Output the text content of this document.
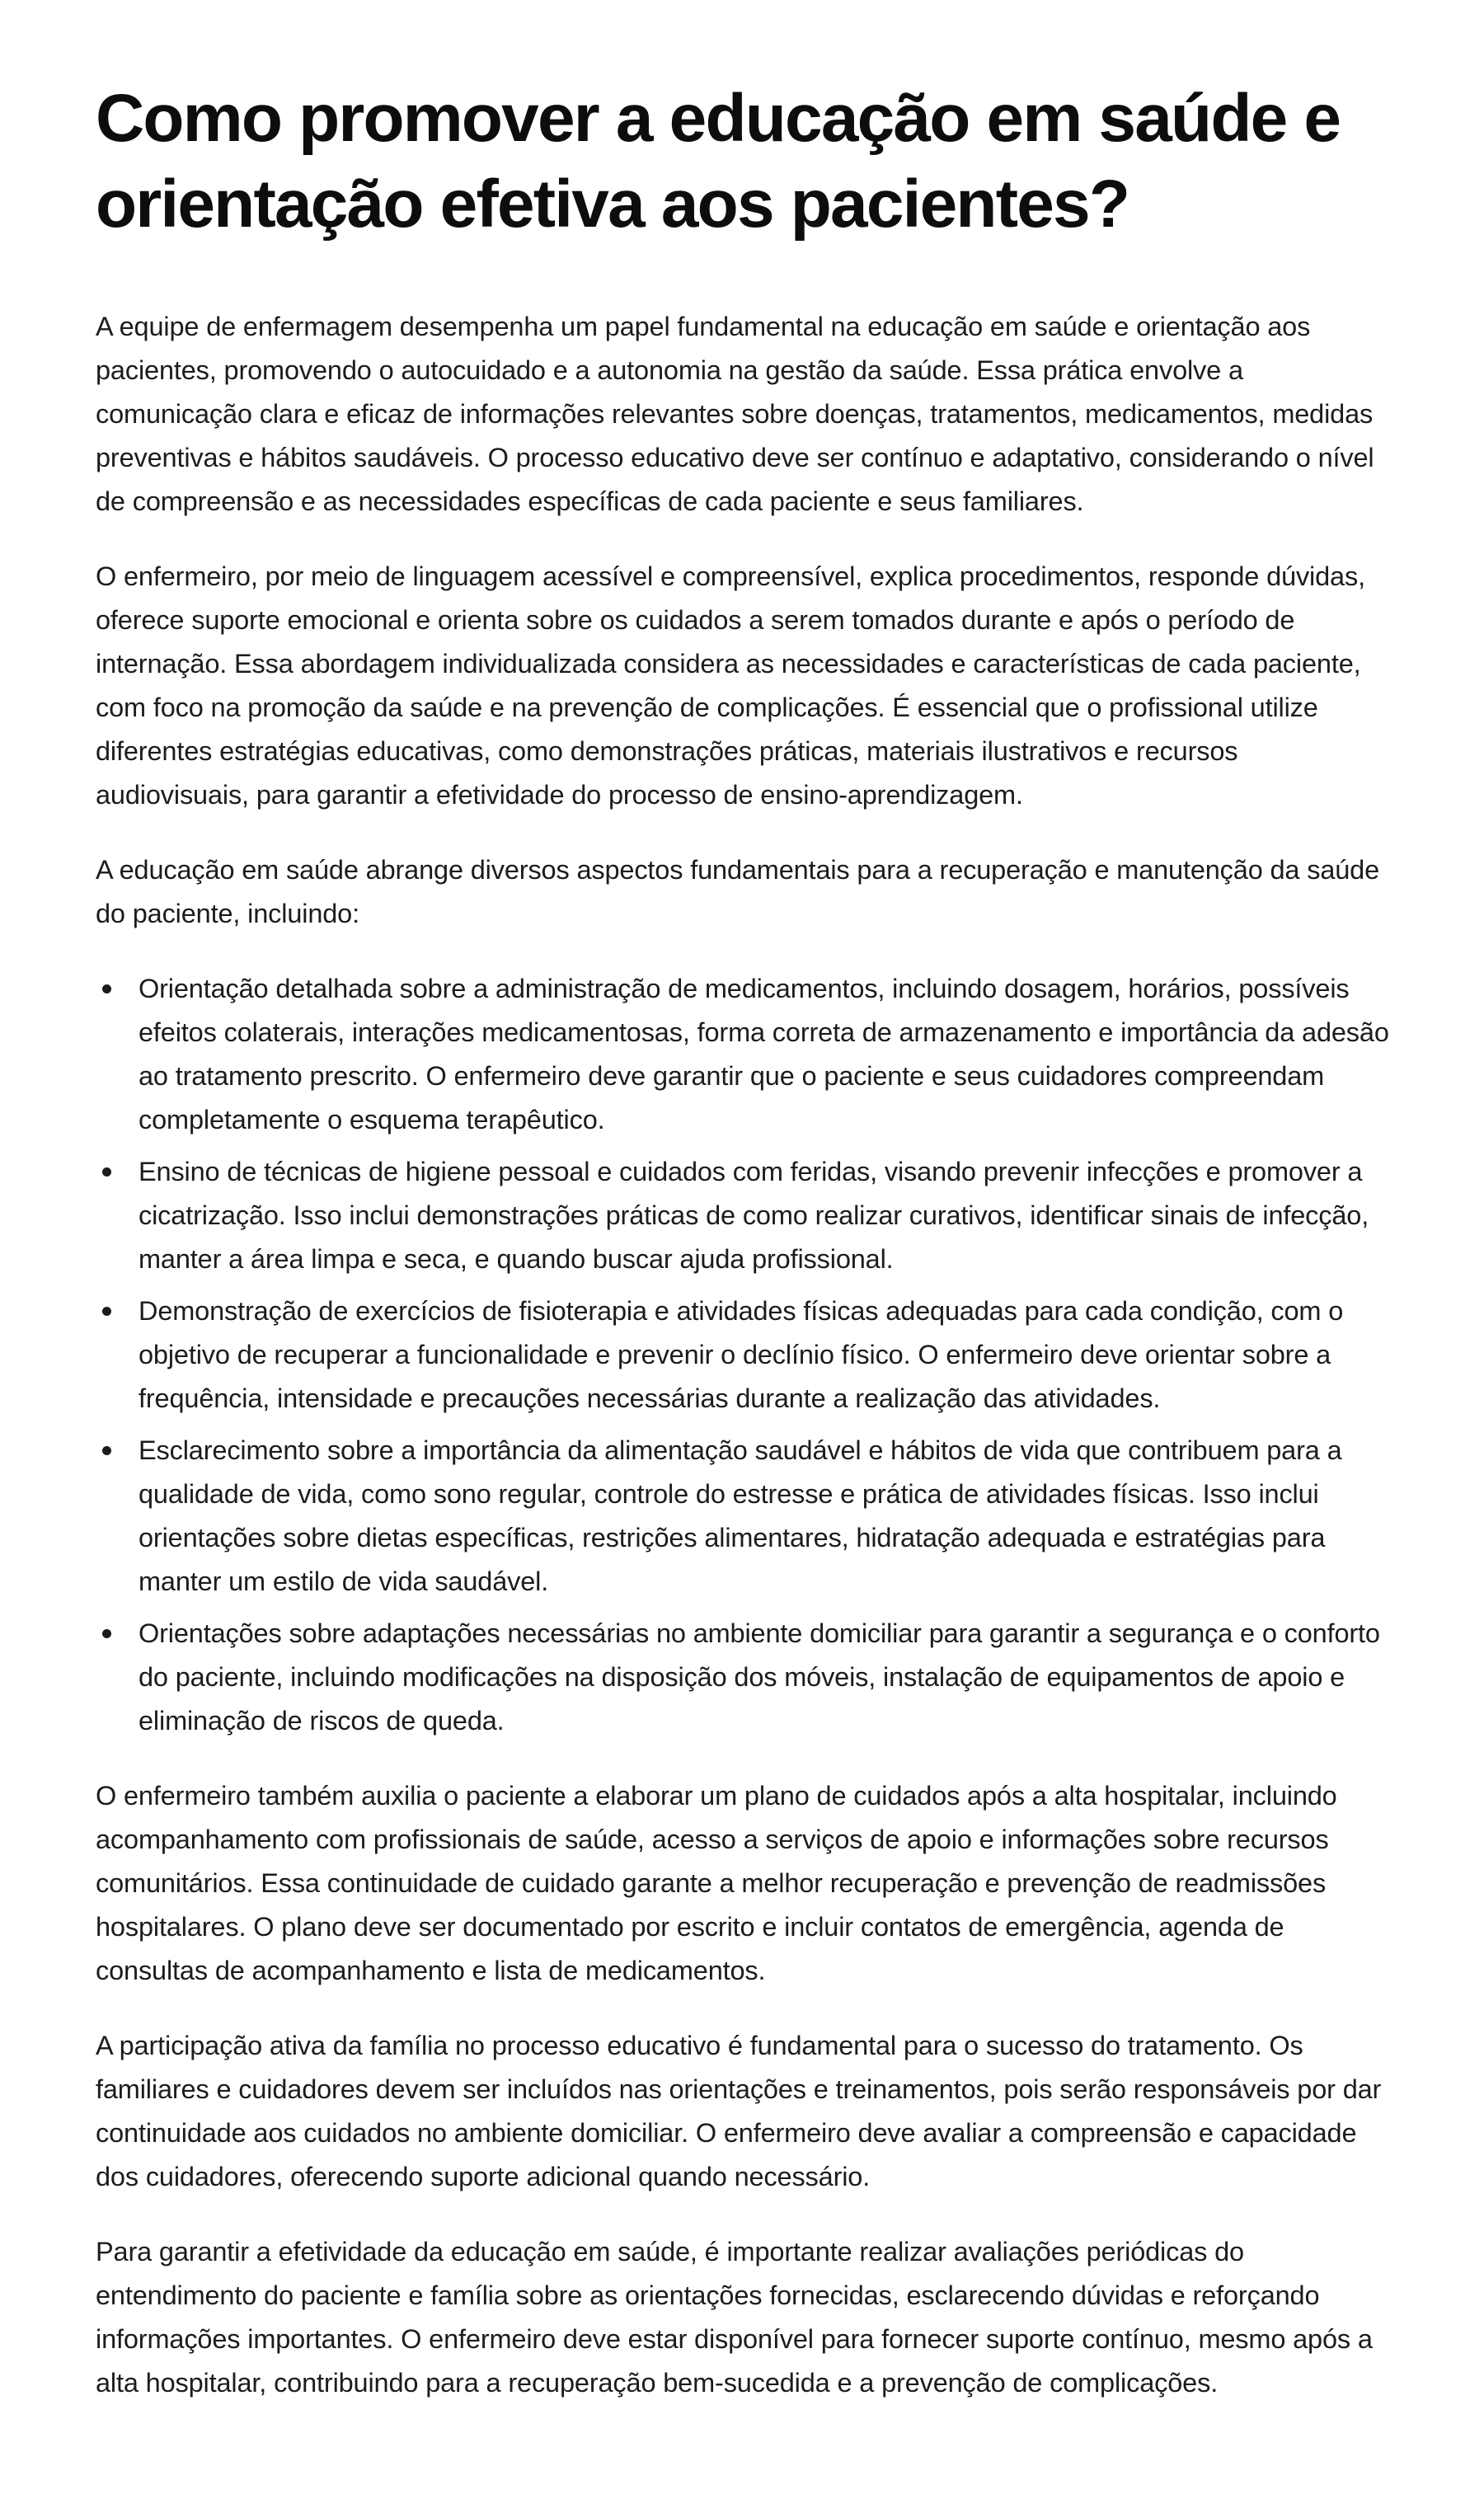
Como promover a educação em saúde e orientação efetiva aos pacientes?

A equipe de enfermagem desempenha um papel fundamental na educação em saúde e orientação aos pacientes, promovendo o autocuidado e a autonomia na gestão da saúde. Essa prática envolve a comunicação clara e eficaz de informações relevantes sobre doenças, tratamentos, medicamentos, medidas preventivas e hábitos saudáveis. O processo educativo deve ser contínuo e adaptativo, considerando o nível de compreensão e as necessidades específicas de cada paciente e seus familiares.

O enfermeiro, por meio de linguagem acessível e compreensível, explica procedimentos, responde dúvidas, oferece suporte emocional e orienta sobre os cuidados a serem tomados durante e após o período de internação. Essa abordagem individualizada considera as necessidades e características de cada paciente, com foco na promoção da saúde e na prevenção de complicações. É essencial que o profissional utilize diferentes estratégias educativas, como demonstrações práticas, materiais ilustrativos e recursos audiovisuais, para garantir a efetividade do processo de ensino-aprendizagem.

A educação em saúde abrange diversos aspectos fundamentais para a recuperação e manutenção da saúde do paciente, incluindo:

Orientação detalhada sobre a administração de medicamentos, incluindo dosagem, horários, possíveis efeitos colaterais, interações medicamentosas, forma correta de armazenamento e importância da adesão ao tratamento prescrito. O enfermeiro deve garantir que o paciente e seus cuidadores compreendam completamente o esquema terapêutico.
Ensino de técnicas de higiene pessoal e cuidados com feridas, visando prevenir infecções e promover a cicatrização. Isso inclui demonstrações práticas de como realizar curativos, identificar sinais de infecção, manter a área limpa e seca, e quando buscar ajuda profissional.
Demonstração de exercícios de fisioterapia e atividades físicas adequadas para cada condição, com o objetivo de recuperar a funcionalidade e prevenir o declínio físico. O enfermeiro deve orientar sobre a frequência, intensidade e precauções necessárias durante a realização das atividades.
Esclarecimento sobre a importância da alimentação saudável e hábitos de vida que contribuem para a qualidade de vida, como sono regular, controle do estresse e prática de atividades físicas. Isso inclui orientações sobre dietas específicas, restrições alimentares, hidratação adequada e estratégias para manter um estilo de vida saudável.
Orientações sobre adaptações necessárias no ambiente domiciliar para garantir a segurança e o conforto do paciente, incluindo modificações na disposição dos móveis, instalação de equipamentos de apoio e eliminação de riscos de queda.

O enfermeiro também auxilia o paciente a elaborar um plano de cuidados após a alta hospitalar, incluindo acompanhamento com profissionais de saúde, acesso a serviços de apoio e informações sobre recursos comunitários. Essa continuidade de cuidado garante a melhor recuperação e prevenção de readmissões hospitalares. O plano deve ser documentado por escrito e incluir contatos de emergência, agenda de consultas de acompanhamento e lista de medicamentos.

A participação ativa da família no processo educativo é fundamental para o sucesso do tratamento. Os familiares e cuidadores devem ser incluídos nas orientações e treinamentos, pois serão responsáveis por dar continuidade aos cuidados no ambiente domiciliar. O enfermeiro deve avaliar a compreensão e capacidade dos cuidadores, oferecendo suporte adicional quando necessário.

Para garantir a efetividade da educação em saúde, é importante realizar avaliações periódicas do entendimento do paciente e família sobre as orientações fornecidas, esclarecendo dúvidas e reforçando informações importantes. O enfermeiro deve estar disponível para fornecer suporte contínuo, mesmo após a alta hospitalar, contribuindo para a recuperação bem-sucedida e a prevenção de complicações.
